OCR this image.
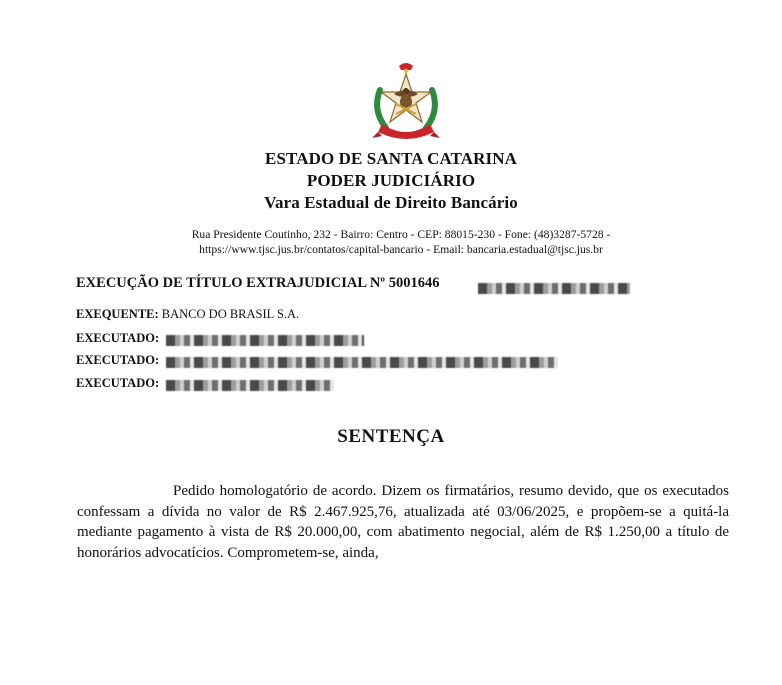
ESTADO DE SANTA CATARINA
PODER JUDICIÁRIO
Vara Estadual de Direito Bancário
Rua Presidente Coutinho, 232 - Bairro: Centro - CEP: 88015-230 - Fone: (48)3287-5728 -
https://www.tjsc.jus.br/contatos/capital-bancario - Email: bancaria.estadual@tjsc.jus.br
EXECUÇÃO DE TÍTULO EXTRAJUDICIAL Nº 5001646
EXEQUENTE: BANCO DO BRASIL S.A.
EXECUTADO:
EXECUTADO:
EXECUTADO:
SENTENÇA
Pedido homologatório de acordo. Dizem os firmatários, resumo devido, que os executados confessam a dívida no valor de R$ 2.467.925,76, atualizada até 03/06/2025, e propõem-se a quitá-la mediante pagamento à vista de R$ 20.000,00, com abatimento negocial, além de R$ 1.250,00 a título de honorários advocatícios. Comprometem-se, ainda,
